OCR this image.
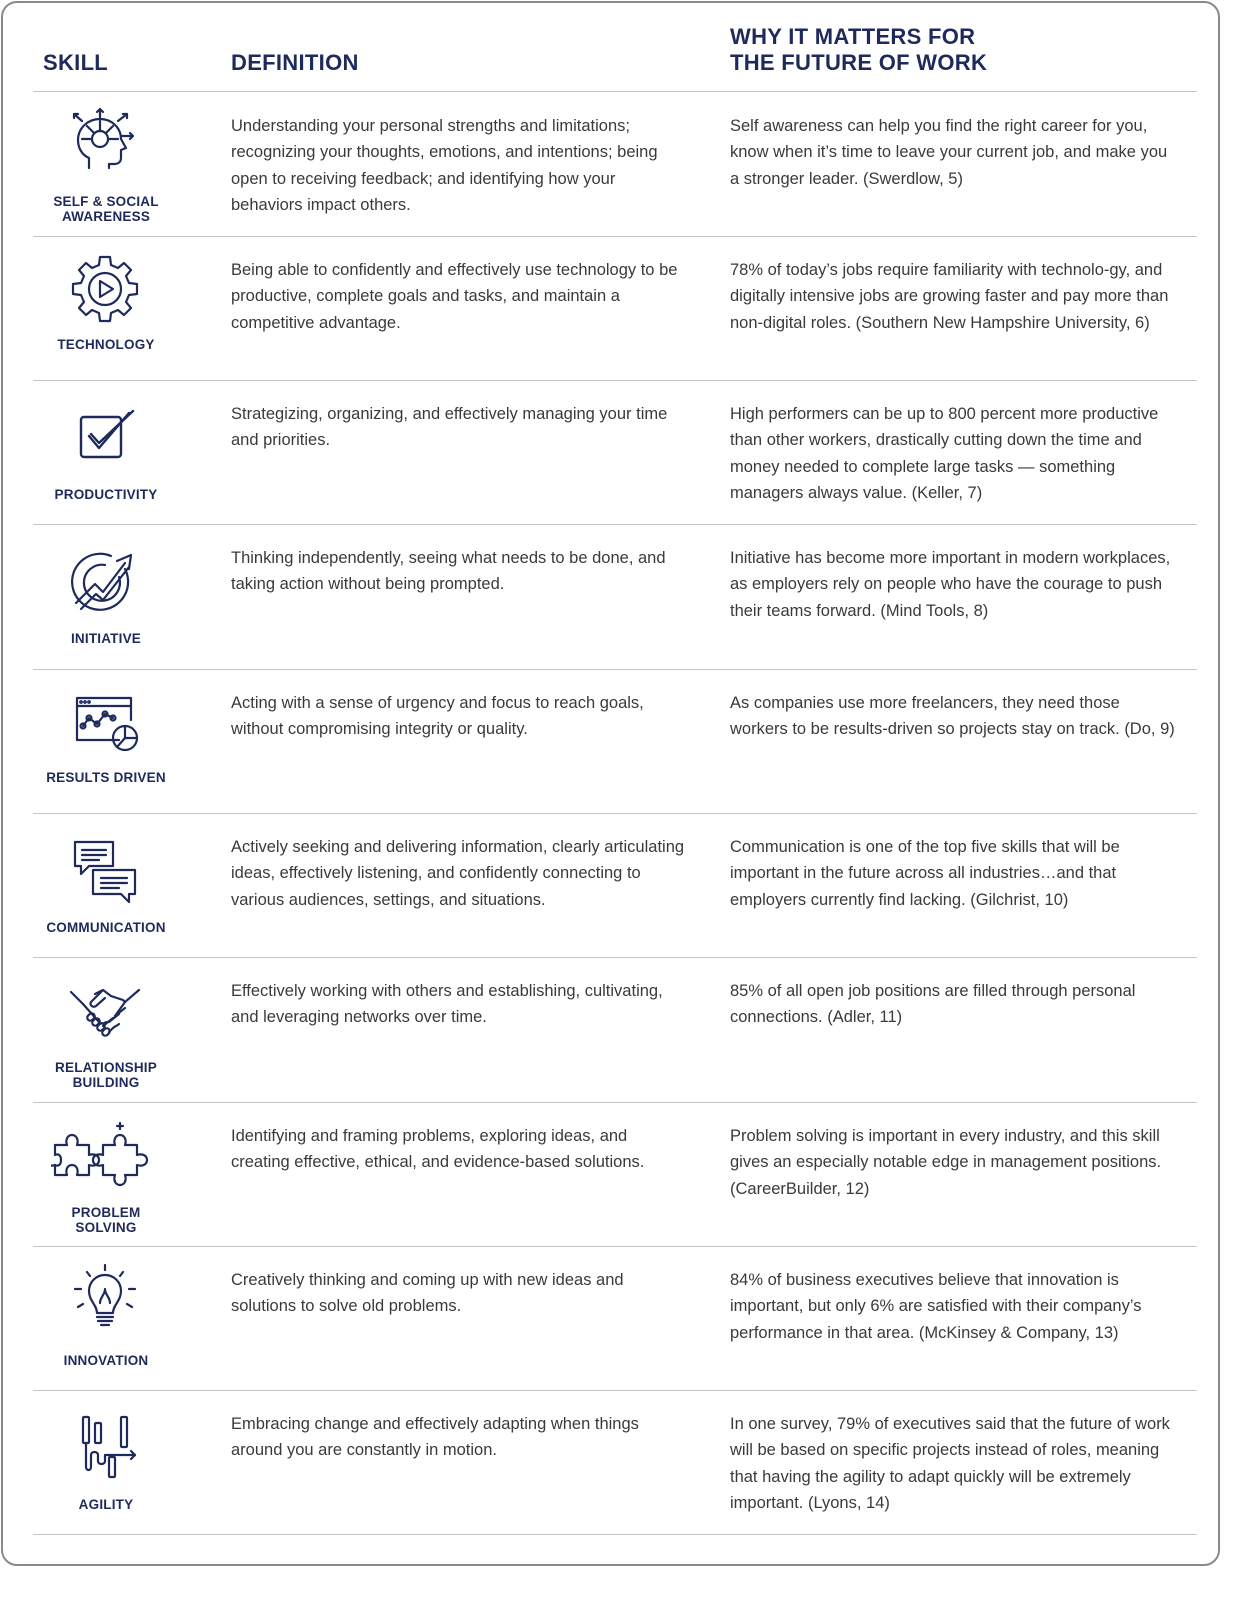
SKILL	DEFINITION
WHY IT MATTERS FOR
THE FUTURE OF WORK
SELF & SOCIAL
AWARENESS
Understanding your personal strengths and limitations; recognizing your thoughts, emotions, and intentions; being open to receiving feedback; and identifying how your behaviors impact others.
Self awareness can help you find the right career for you, know when it’s time to leave your current job, and make you a stronger leader. (Swerdlow, 5)
TECHNOLOGY
Being able to confidently and effectively use technology to be productive, complete goals and tasks, and maintain a competitive advantage.
78% of today’s jobs require familiarity with technolo-gy, and digitally intensive jobs are growing faster and pay more than non-digital roles. (Southern New Hampshire University, 6)
PRODUCTIVITY
Strategizing, organizing, and effectively managing your time and priorities.
High performers can be up to 800 percent more productive than other workers, drastically cutting down the time and money needed to complete large tasks — something managers always value. (Keller, 7)
INITIATIVE
Thinking independently, seeing what needs to be done, and taking action without being prompted.
Initiative has become more important in modern workplaces, as employers rely on people who have the courage to push their teams forward. (Mind Tools, 8)
RESULTS DRIVEN
Acting with a sense of urgency and focus to reach goals, without compromising integrity or quality.
As companies use more freelancers, they need those workers to be results-driven so projects stay on track. (Do, 9)
COMMUNICATION
Actively seeking and delivering information, clearly articulating ideas, effectively listening, and confidently connecting to various audiences, settings, and situations.
Communication is one of the top five skills that will be important in the future across all industries…and that employers currently find lacking. (Gilchrist, 10)
RELATIONSHIP
BUILDING
Effectively working with others and establishing, cultivating, and leveraging networks over time.
85% of all open job positions are filled through personal connections. (Adler, 11)
PROBLEM
SOLVING
Identifying and framing problems, exploring ideas, and creating effective, ethical, and evidence-based solutions.
Problem solving is important in every industry, and this skill gives an especially notable edge in management positions. (CareerBuilder, 12)
INNOVATION
Creatively thinking and coming up with new ideas and solutions to solve old problems.
84% of business executives believe that innovation is important, but only 6% are satisfied with their company’s performance in that area. (McKinsey & Company, 13)
AGILITY
Embracing change and effectively adapting when things around you are constantly in motion.
In one survey, 79% of executives said that the future of work will be based on specific projects instead of roles, meaning that having the agility to adapt quickly will be extremely important. (Lyons, 14)
